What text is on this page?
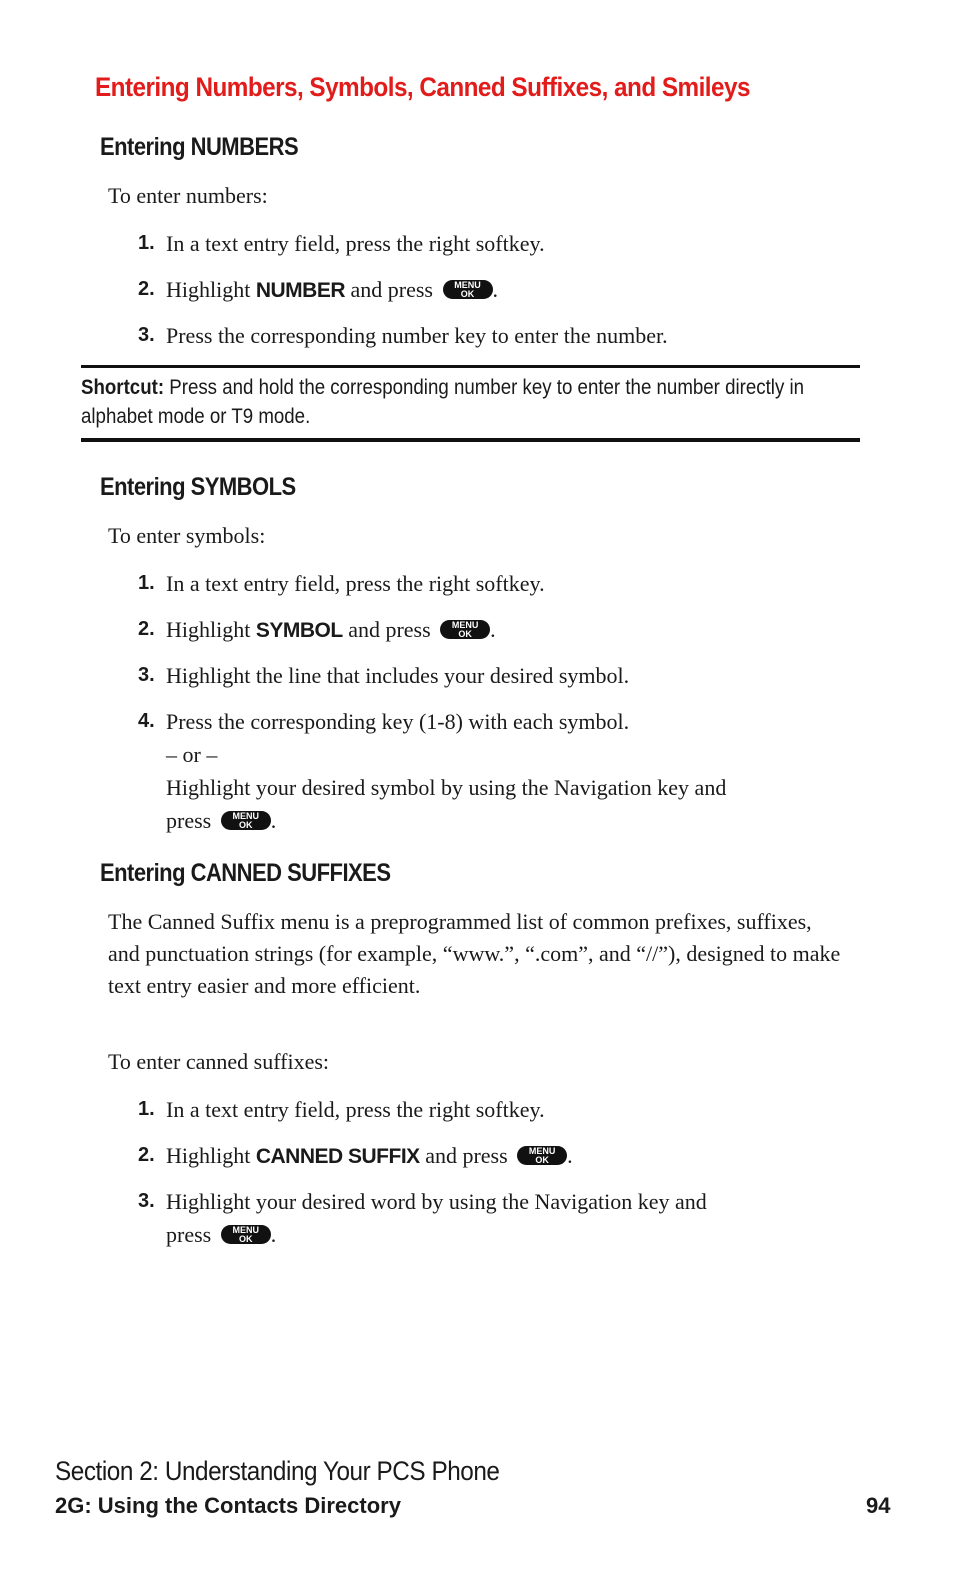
Entering Numbers, Symbols, Canned Suffixes, and Smileys
Entering NUMBERS

To enter numbers:

1. In a text entry field, press the right softkey.
2. Highlight NUMBER and press	MENU
OK .
3. Press the corresponding number key to enter the number.

Shortcut: Press and hold the corresponding number key to enter the number directly in alphabet mode or T9 mode.

Entering SYMBOLS

To enter symbols:

1. In a text entry field, press the right softkey.
2. Highlight SYMBOL and press	MENU
OK .
3. Highlight the line that includes your desired symbol.
4. Press the corresponding key (1-8) with each symbol.
– or –
Highlight your desired symbol by using the Navigation key and
press	MENU
OK .
Entering CANNED SUFFIXES

The Canned Suffix menu is a preprogrammed list of common prefixes, suffixes, and punctuation strings (for example, “www.”, “.com”, and “//”), designed to make text entry easier and more efficient.

To enter canned suffixes:

1. In a text entry field, press the right softkey.
2. Highlight CANNED SUFFIX and press	MENU
OK .
3. Highlight your desired word by using the Navigation key and
press	MENU
OK .

Section 2: Understanding Your PCS Phone

2G: Using the Contacts Directory	94
